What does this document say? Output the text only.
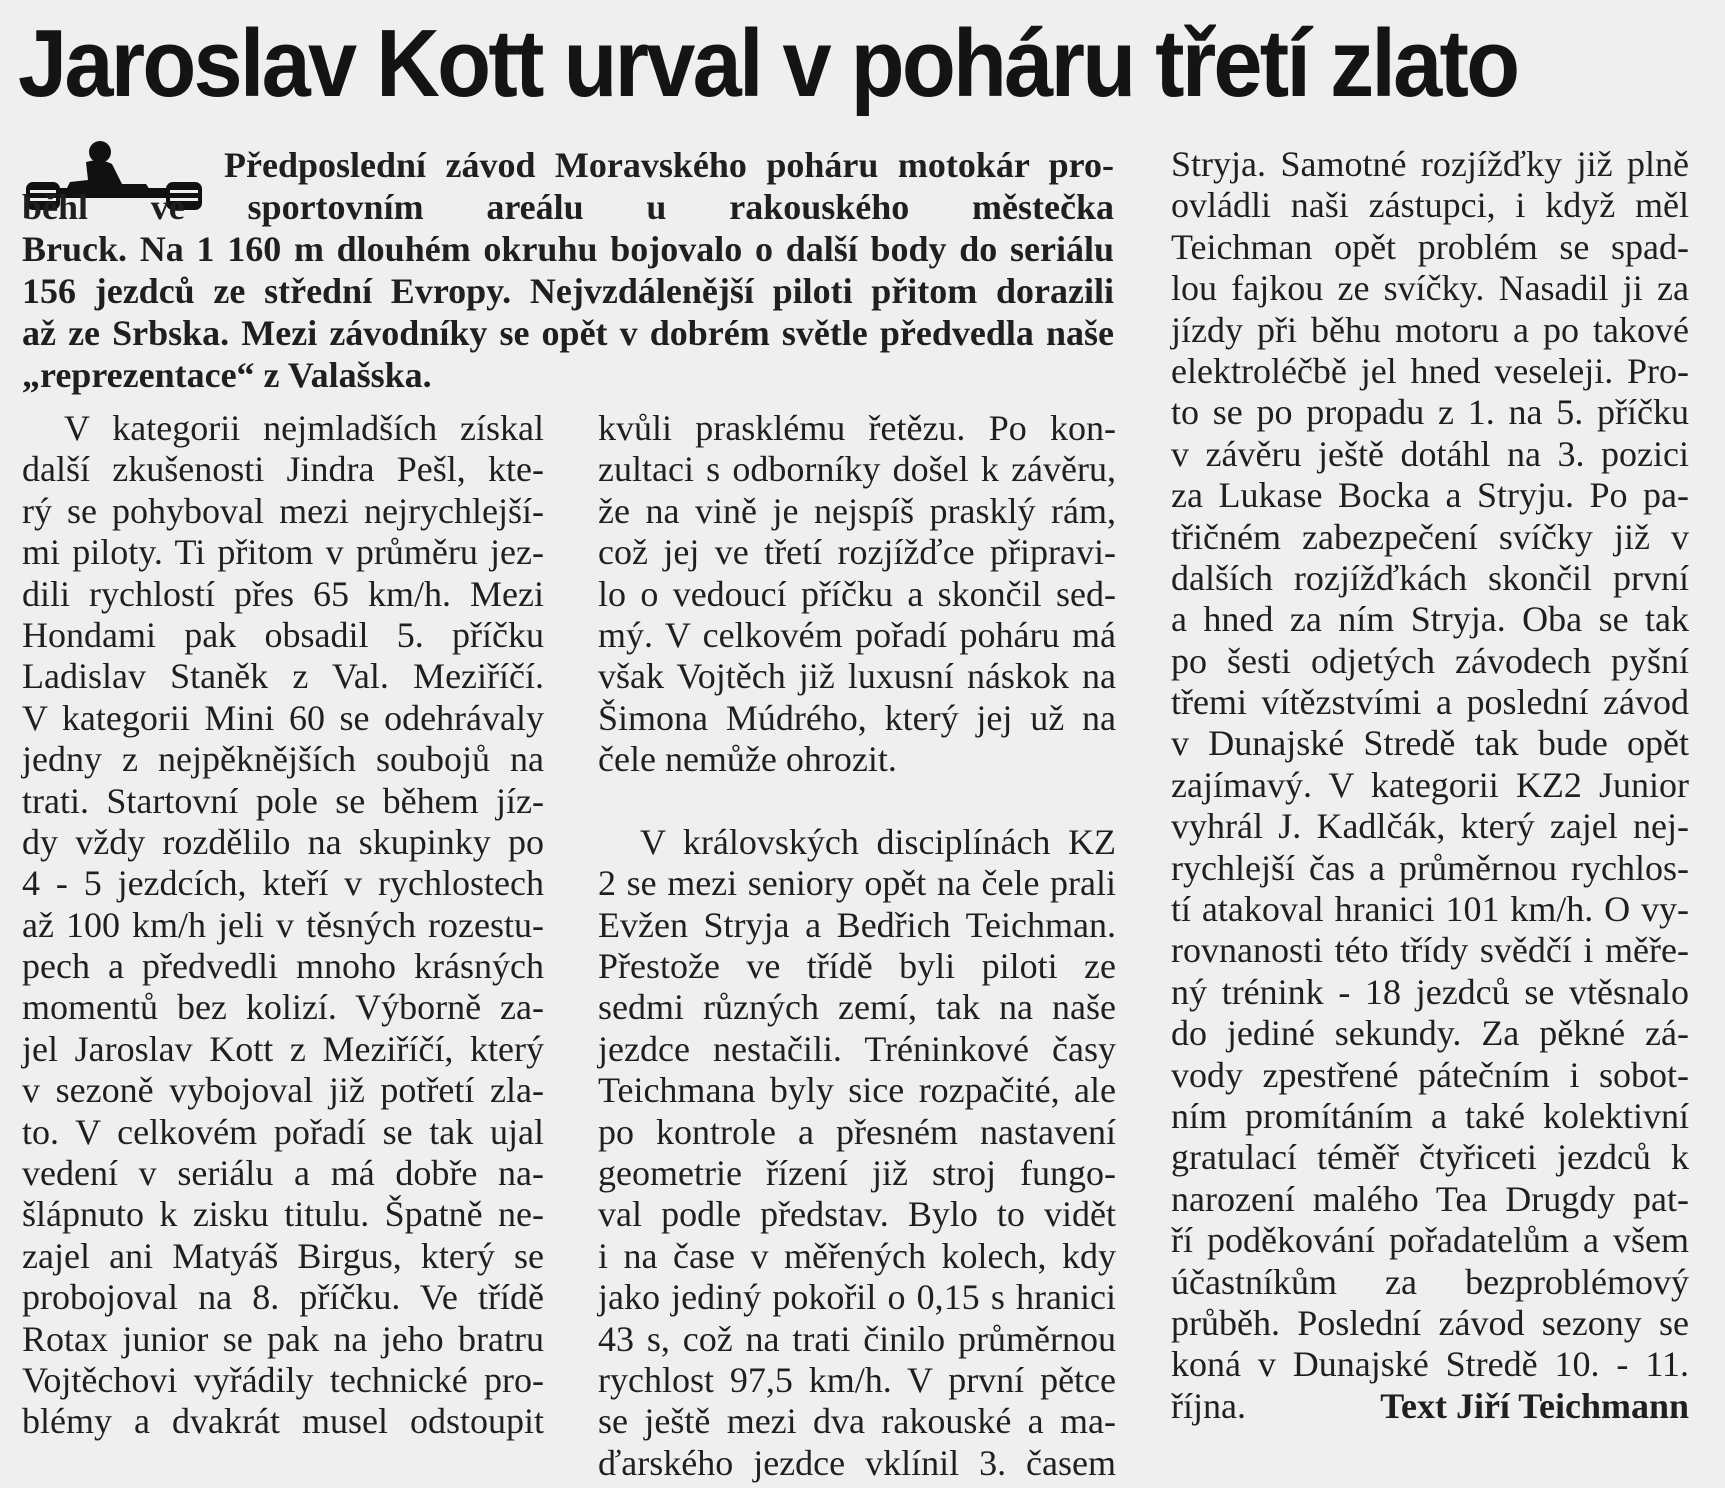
Jaroslav Kott urval v poháru třetí zlato
Předposlední závod Moravského poháru motokár pro-
běhl ve sportovním areálu u rakouského městečka
Bruck. Na 1 160 m dlouhém okruhu bojovalo o další body do seriálu
156 jezdců ze střední Evropy. Nejvzdálenější piloti přitom dorazili
až ze Srbska. Mezi závodníky se opět v dobrém světle předvedla naše
„reprezentace“ z Valašska.
V kategorii nejmladších získal
další zkušenosti Jindra Pešl, kte-
rý se pohyboval mezi nejrychlejší-
mi piloty. Ti přitom v průměru jez-
dili rychlostí přes 65 km/h. Mezi
Hondami pak obsadil 5. příčku
Ladislav Staněk z Val. Meziříčí.
V kategorii Mini 60 se odehrávaly
jedny z nejpěknějších soubojů na
trati. Startovní pole se během jíz-
dy vždy rozdělilo na skupinky po
4 - 5 jezdcích, kteří v rychlostech
až 100 km/h jeli v těsných rozestu-
pech a předvedli mnoho krásných
momentů bez kolizí. Výborně za-
jel Jaroslav Kott z Meziříčí, který
v sezoně vybojoval již potřetí zla-
to. V celkovém pořadí se tak ujal
vedení v seriálu a má dobře na-
šlápnuto k zisku titulu. Špatně ne-
zajel ani Matyáš Birgus, který se
probojoval na 8. příčku. Ve třídě
Rotax junior se pak na jeho bratru
Vojtěchovi vyřádily technické pro-
blémy a dvakrát musel odstoupit
kvůli prasklému řetězu. Po kon-
zultaci s odborníky došel k závěru,
že na vině je nejspíš prasklý rám,
což jej ve třetí rozjížďce připravi-
lo o vedoucí příčku a skončil sed-
mý. V celkovém pořadí poháru má
však Vojtěch již luxusní náskok na
Šimona Múdrého, který jej už na
čele nemůže ohrozit.
V královských disciplínách KZ
2 se mezi seniory opět na čele prali
Evžen Stryja a Bedřich Teichman.
Přestože ve třídě byli piloti ze
sedmi různých zemí, tak na naše
jezdce nestačili. Tréninkové časy
Teichmana byly sice rozpačité, ale
po kontrole a přesném nastavení
geometrie řízení již stroj fungo-
val podle představ. Bylo to vidět
i na čase v měřených kolech, kdy
jako jediný pokořil o 0,15 s hranici
43 s, což na trati činilo průměrnou
rychlost 97,5 km/h. V první pětce
se ještě mezi dva rakouské a ma-
ďarského jezdce vklínil 3. časem
Stryja. Samotné rozjížďky již plně
ovládli naši zástupci, i když měl
Teichman opět problém se spad-
lou fajkou ze svíčky. Nasadil ji za
jízdy při běhu motoru a po takové
elektroléčbě jel hned veseleji. Pro-
to se po propadu z 1. na 5. příčku
v závěru ještě dotáhl na 3. pozici
za Lukase Bocka a Stryju. Po pa-
třičném zabezpečení svíčky již v
dalších rozjížďkách skončil první
a hned za ním Stryja. Oba se tak
po šesti odjetých závodech pyšní
třemi vítězstvími a poslední závod
v Dunajské Stredě tak bude opět
zajímavý. V kategorii KZ2 Junior
vyhrál J. Kadlčák, který zajel nej-
rychlejší čas a průměrnou rychlos-
tí atakoval hranici 101 km/h. O vy-
rovnanosti této třídy svědčí i měře-
ný trénink - 18 jezdců se vtěsnalo
do jediné sekundy. Za pěkné zá-
vody zpestřené pátečním i sobot-
ním promítáním a také kolektivní
gratulací téměř čtyřiceti jezdců k
narození malého Tea Drugdy pat-
ří poděkování pořadatelům a všem
účastníkům za bezproblémový
průběh. Poslední závod sezony se
koná v Dunajské Stredě 10. - 11.
října.	Text Jiří Teichmann
